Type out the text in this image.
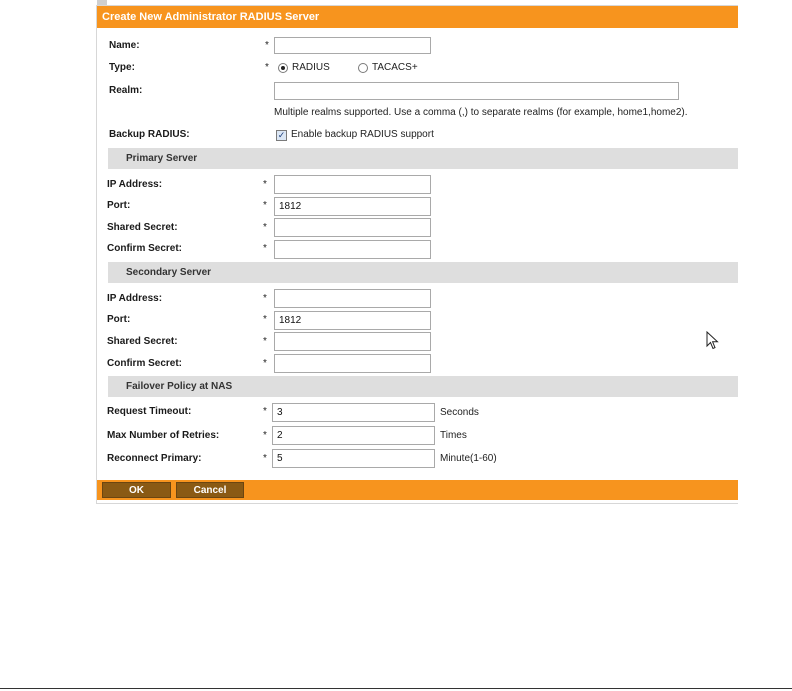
Create New Administrator RADIUS Server
Name:	*
Type:	* RADIUS	TACACS+
Realm:
Multiple realms supported. Use a comma (,) to separate realms (for example, home1,home2).
Backup RADIUS:	✓ Enable backup RADIUS support
Primary Server
IP Address:	*
Port:	*	1812
Shared Secret:	*
Confirm Secret:	*
Secondary Server
IP Address:	*
Port:	*	1812
Shared Secret:	*
Confirm Secret:	*
Failover Policy at NAS
Request Timeout:	*	3	Seconds
Max Number of Retries:	*	2	Times
Reconnect Primary:	*	5	Minute(1-60)
OK	Cancel
